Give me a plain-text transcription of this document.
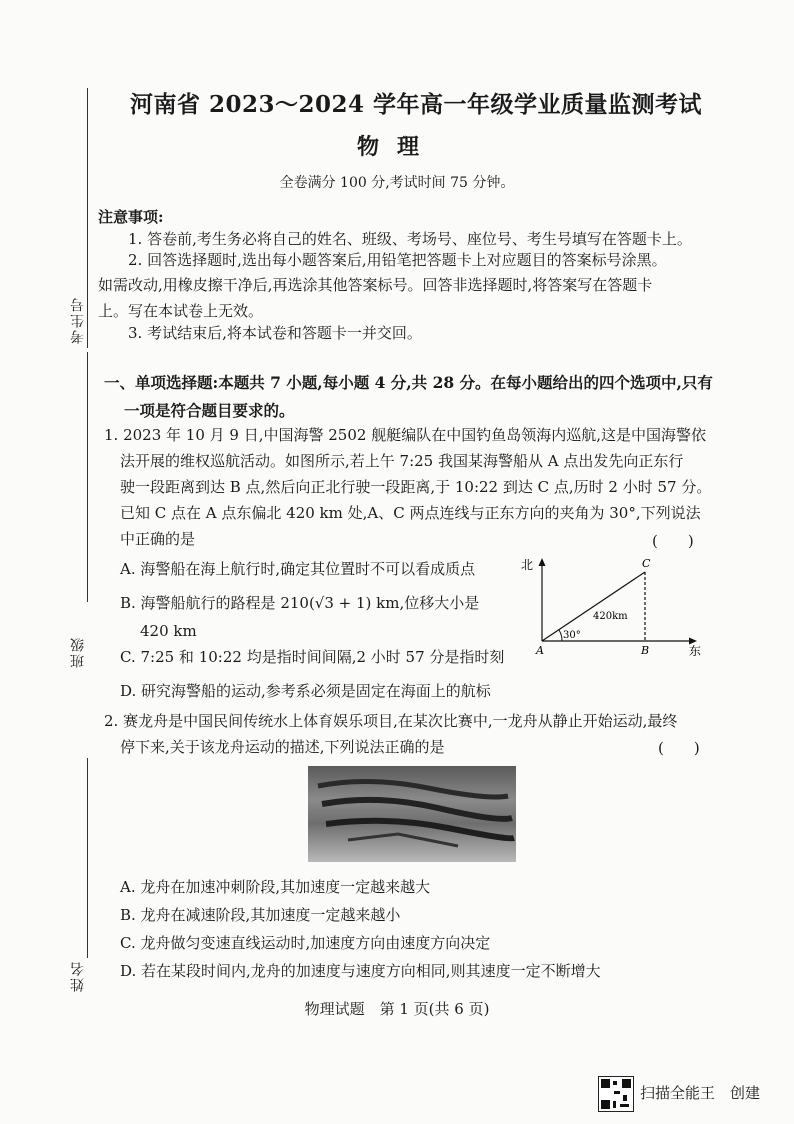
河南省 2023～2024 学年高一年级学业质量监测考试
物理
全卷满分 100 分,考试时间 75 分钟。
考生号
班级
姓名
注意事项:
1. 答卷前,考生务必将自己的姓名、班级、考场号、座位号、考生号填写在答题卡上。
2. 回答选择题时,选出每小题答案后,用铅笔把答题卡上对应题目的答案标号涂黑。
如需改动,用橡皮擦干净后,再选涂其他答案标号。回答非选择题时,将答案写在答题卡
上。写在本试卷上无效。
3. 考试结束后,将本试卷和答题卡一并交回。
一、单项选择题:本题共 7 小题,每小题 4 分,共 28 分。在每小题给出的四个选项中,只有
一项是符合题目要求的。
1. 2023 年 10 月 9 日,中国海警 2502 舰艇编队在中国钓鱼岛领海内巡航,这是中国海警依
法开展的维权巡航活动。如图所示,若上午 7:25 我国某海警船从 A 点出发先向正东行
驶一段距离到达 B 点,然后向正北行驶一段距离,于 10:22 到达 C 点,历时 2 小时 57 分。
已知 C 点在 A 点东偏北 420 km 处,A、C 两点连线与正东方向的夹角为 30°,下列说法
中正确的是	(　　)
A. 海警船在海上航行时,确定其位置时不可以看成质点
B. 海警船航行的路程是 210(√3 + 1) km,位移大小是
420 km
C. 7:25 和 10:22 均是指时间间隔,2 小时 57 分是指时刻
D. 研究海警船的运动,参考系必须是固定在海面上的航标
北
东
A	B
C
420km
30°
2. 赛龙舟是中国民间传统水上体育娱乐项目,在某次比赛中,一龙舟从静止开始运动,最终
停下来,关于该龙舟运动的描述,下列说法正确的是	(　　)
A. 龙舟在加速冲刺阶段,其加速度一定越来越大
B. 龙舟在减速阶段,其加速度一定越来越小
C. 龙舟做匀变速直线运动时,加速度方向由速度方向决定
D. 若在某段时间内,龙舟的加速度与速度方向相同,则其速度一定不断增大
物理试题　第 1 页(共 6 页)
扫描全能王　创建
